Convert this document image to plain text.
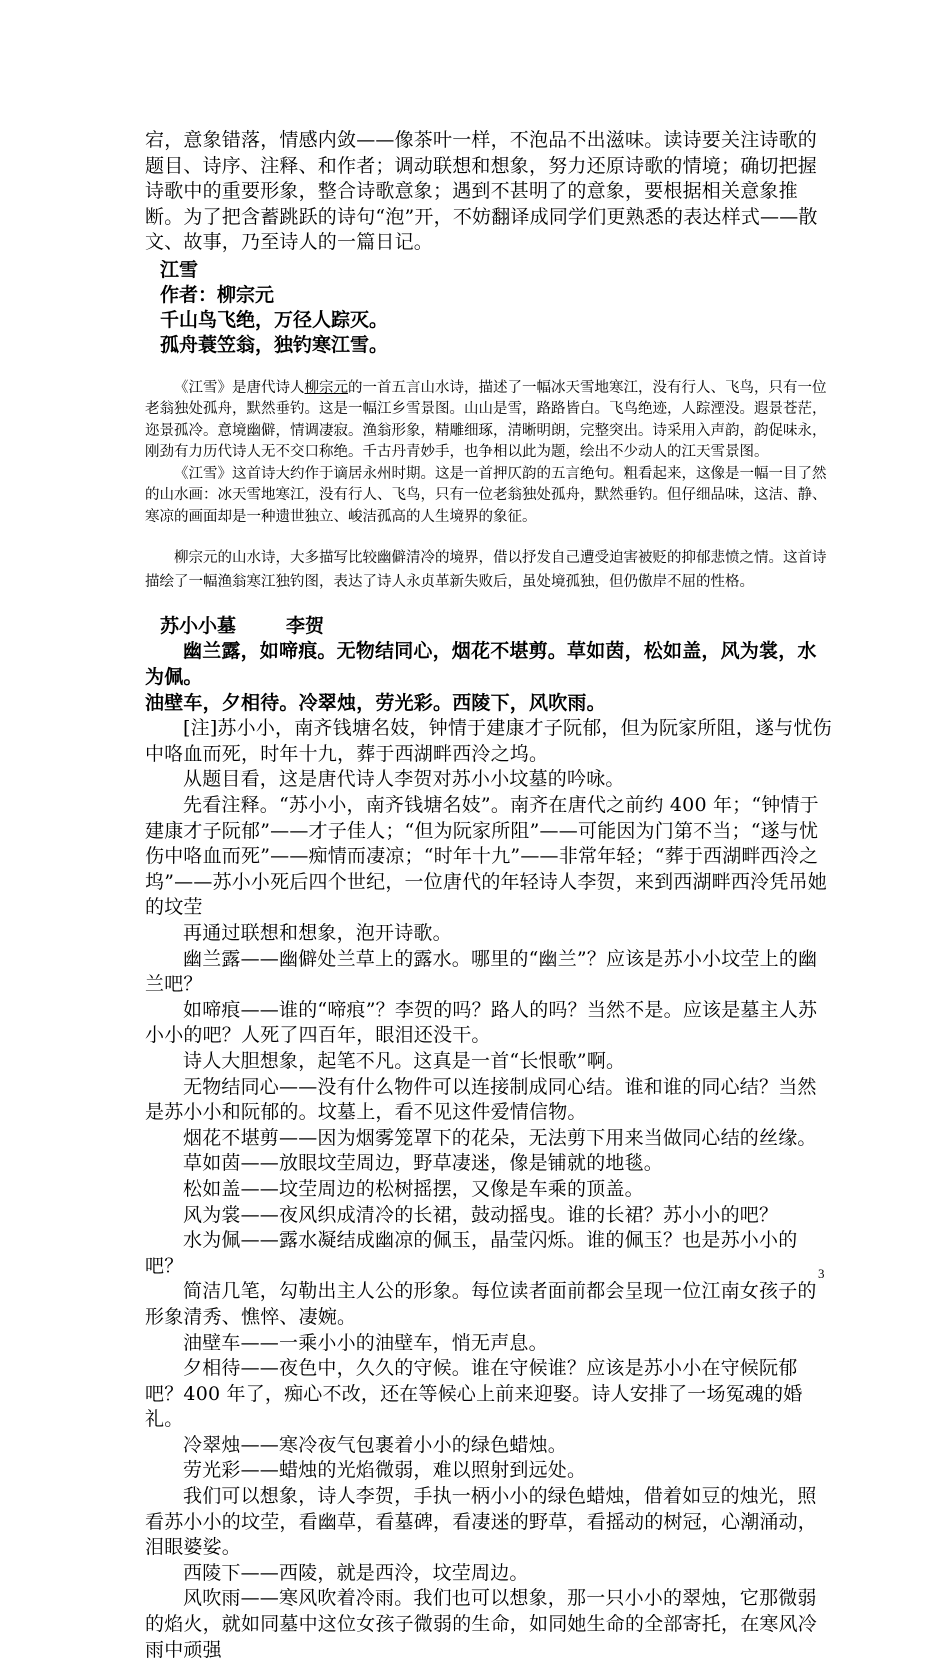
宕，意象错落，情感内敛——像茶叶一样，不泡品不出滋味。读诗要关注诗歌的题目、诗序、注释、和作者；调动联想和想象，努力还原诗歌的情境；确切把握诗歌中的重要形象，整合诗歌意象；遇到不甚明了的意象，要根据相关意象推断。为了把含蓄跳跃的诗句“泡”开，不妨翻译成同学们更熟悉的表达样式——散文、故事，乃至诗人的一篇日记。

江雪

作者：柳宗元

千山鸟飞绝，万径人踪灭。

孤舟蓑笠翁，独钓寒江雪。

《江雪》是唐代诗人柳宗元的一首五言山水诗，描述了一幅冰天雪地寒江，没有行人、飞鸟，只有一位老翁独处孤舟，默然垂钓。这是一幅江乡雪景图。山山是雪，路路皆白。飞鸟绝迹，人踪湮没。遐景苍茫，迩景孤冷。意境幽僻，情调凄寂。渔翁形象，精雕细琢，清晰明朗，完整突出。诗采用入声韵，韵促味永，刚劲有力历代诗人无不交口称绝。千古丹青妙手，也争相以此为题，绘出不少动人的江天雪景图。

《江雪》这首诗大约作于谪居永州时期。这是一首押仄韵的五言绝句。粗看起来，这像是一幅一目了然的山水画：冰天雪地寒江，没有行人、飞鸟，只有一位老翁独处孤舟，默然垂钓。但仔细品味，这洁、静、寒凉的画面却是一种遗世独立、峻洁孤高的人生境界的象征。

柳宗元的山水诗，大多描写比较幽僻清冷的境界，借以抒发自己遭受迫害被贬的抑郁悲愤之情。这首诗描绘了一幅渔翁寒江独钓图，表达了诗人永贞革新失败后，虽处境孤独，但仍傲岸不屈的性格。

苏小小墓	李贺

幽兰露，如啼痕。无物结同心，烟花不堪剪。草如茵，松如盖，风为裳，水为佩。

油壁车，夕相待。冷翠烛，劳光彩。西陵下，风吹雨。

[注]苏小小，南齐钱塘名妓，钟情于建康才子阮郁，但为阮家所阻，遂与忧伤中咯血而死，时年十九，葬于西湖畔西泠之坞。

从题目看，这是唐代诗人李贺对苏小小坟墓的吟咏。

先看注释。“苏小小，南齐钱塘名妓”。南齐在唐代之前约 400 年；“钟情于建康才子阮郁”——才子佳人；“但为阮家所阻”——可能因为门第不当；“遂与忧伤中咯血而死”——痴情而凄凉；“时年十九”——非常年轻；“葬于西湖畔西泠之坞”——苏小小死后四个世纪，一位唐代的年轻诗人李贺，来到西湖畔西泠凭吊她的坟茔

再通过联想和想象，泡开诗歌。

幽兰露——幽僻处兰草上的露水。哪里的“幽兰”？应该是苏小小坟茔上的幽兰吧？

如啼痕——谁的“啼痕”？李贺的吗？路人的吗？当然不是。应该是墓主人苏小小的吧？人死了四百年，眼泪还没干。

诗人大胆想象，起笔不凡。这真是一首“长恨歌”啊。

无物结同心——没有什么物件可以连接制成同心结。谁和谁的同心结？当然是苏小小和阮郁的。坟墓上，看不见这件爱情信物。

烟花不堪剪——因为烟雾笼罩下的花朵，无法剪下用来当做同心结的丝缘。

草如茵——放眼坟茔周边，野草凄迷，像是铺就的地毯。

松如盖——坟茔周边的松树摇摆，又像是车乘的顶盖。

风为裳——夜风织成清冷的长裙，鼓动摇曳。谁的长裙？苏小小的吧？

水为佩——露水凝结成幽凉的佩玉，晶莹闪烁。谁的佩玉？也是苏小小的吧？

简洁几笔，勾勒出主人公的形象。每位读者面前都会呈现一位江南女孩子的形象清秀、憔悴、凄婉。

油壁车——一乘小小的油壁车，悄无声息。

夕相待——夜色中，久久的守候。谁在守候谁？应该是苏小小在守候阮郁吧？400 年了，痴心不改，还在等候心上前来迎娶。诗人安排了一场冤魂的婚礼。

冷翠烛——寒冷夜气包裹着小小的绿色蜡烛。

劳光彩——蜡烛的光焰微弱，难以照射到远处。

我们可以想象，诗人李贺，手执一柄小小的绿色蜡烛，借着如豆的烛光，照看苏小小的坟茔，看幽草，看墓碑，看凄迷的野草，看摇动的树冠，心潮涌动，泪眼婆娑。

西陵下——西陵，就是西泠，坟茔周边。

风吹雨——寒风吹着冷雨。我们也可以想象，那一只小小的翠烛，它那微弱的焰火，就如同墓中这位女孩子微弱的生命，如同她生命的全部寄托，在寒风冷雨中顽强

3
